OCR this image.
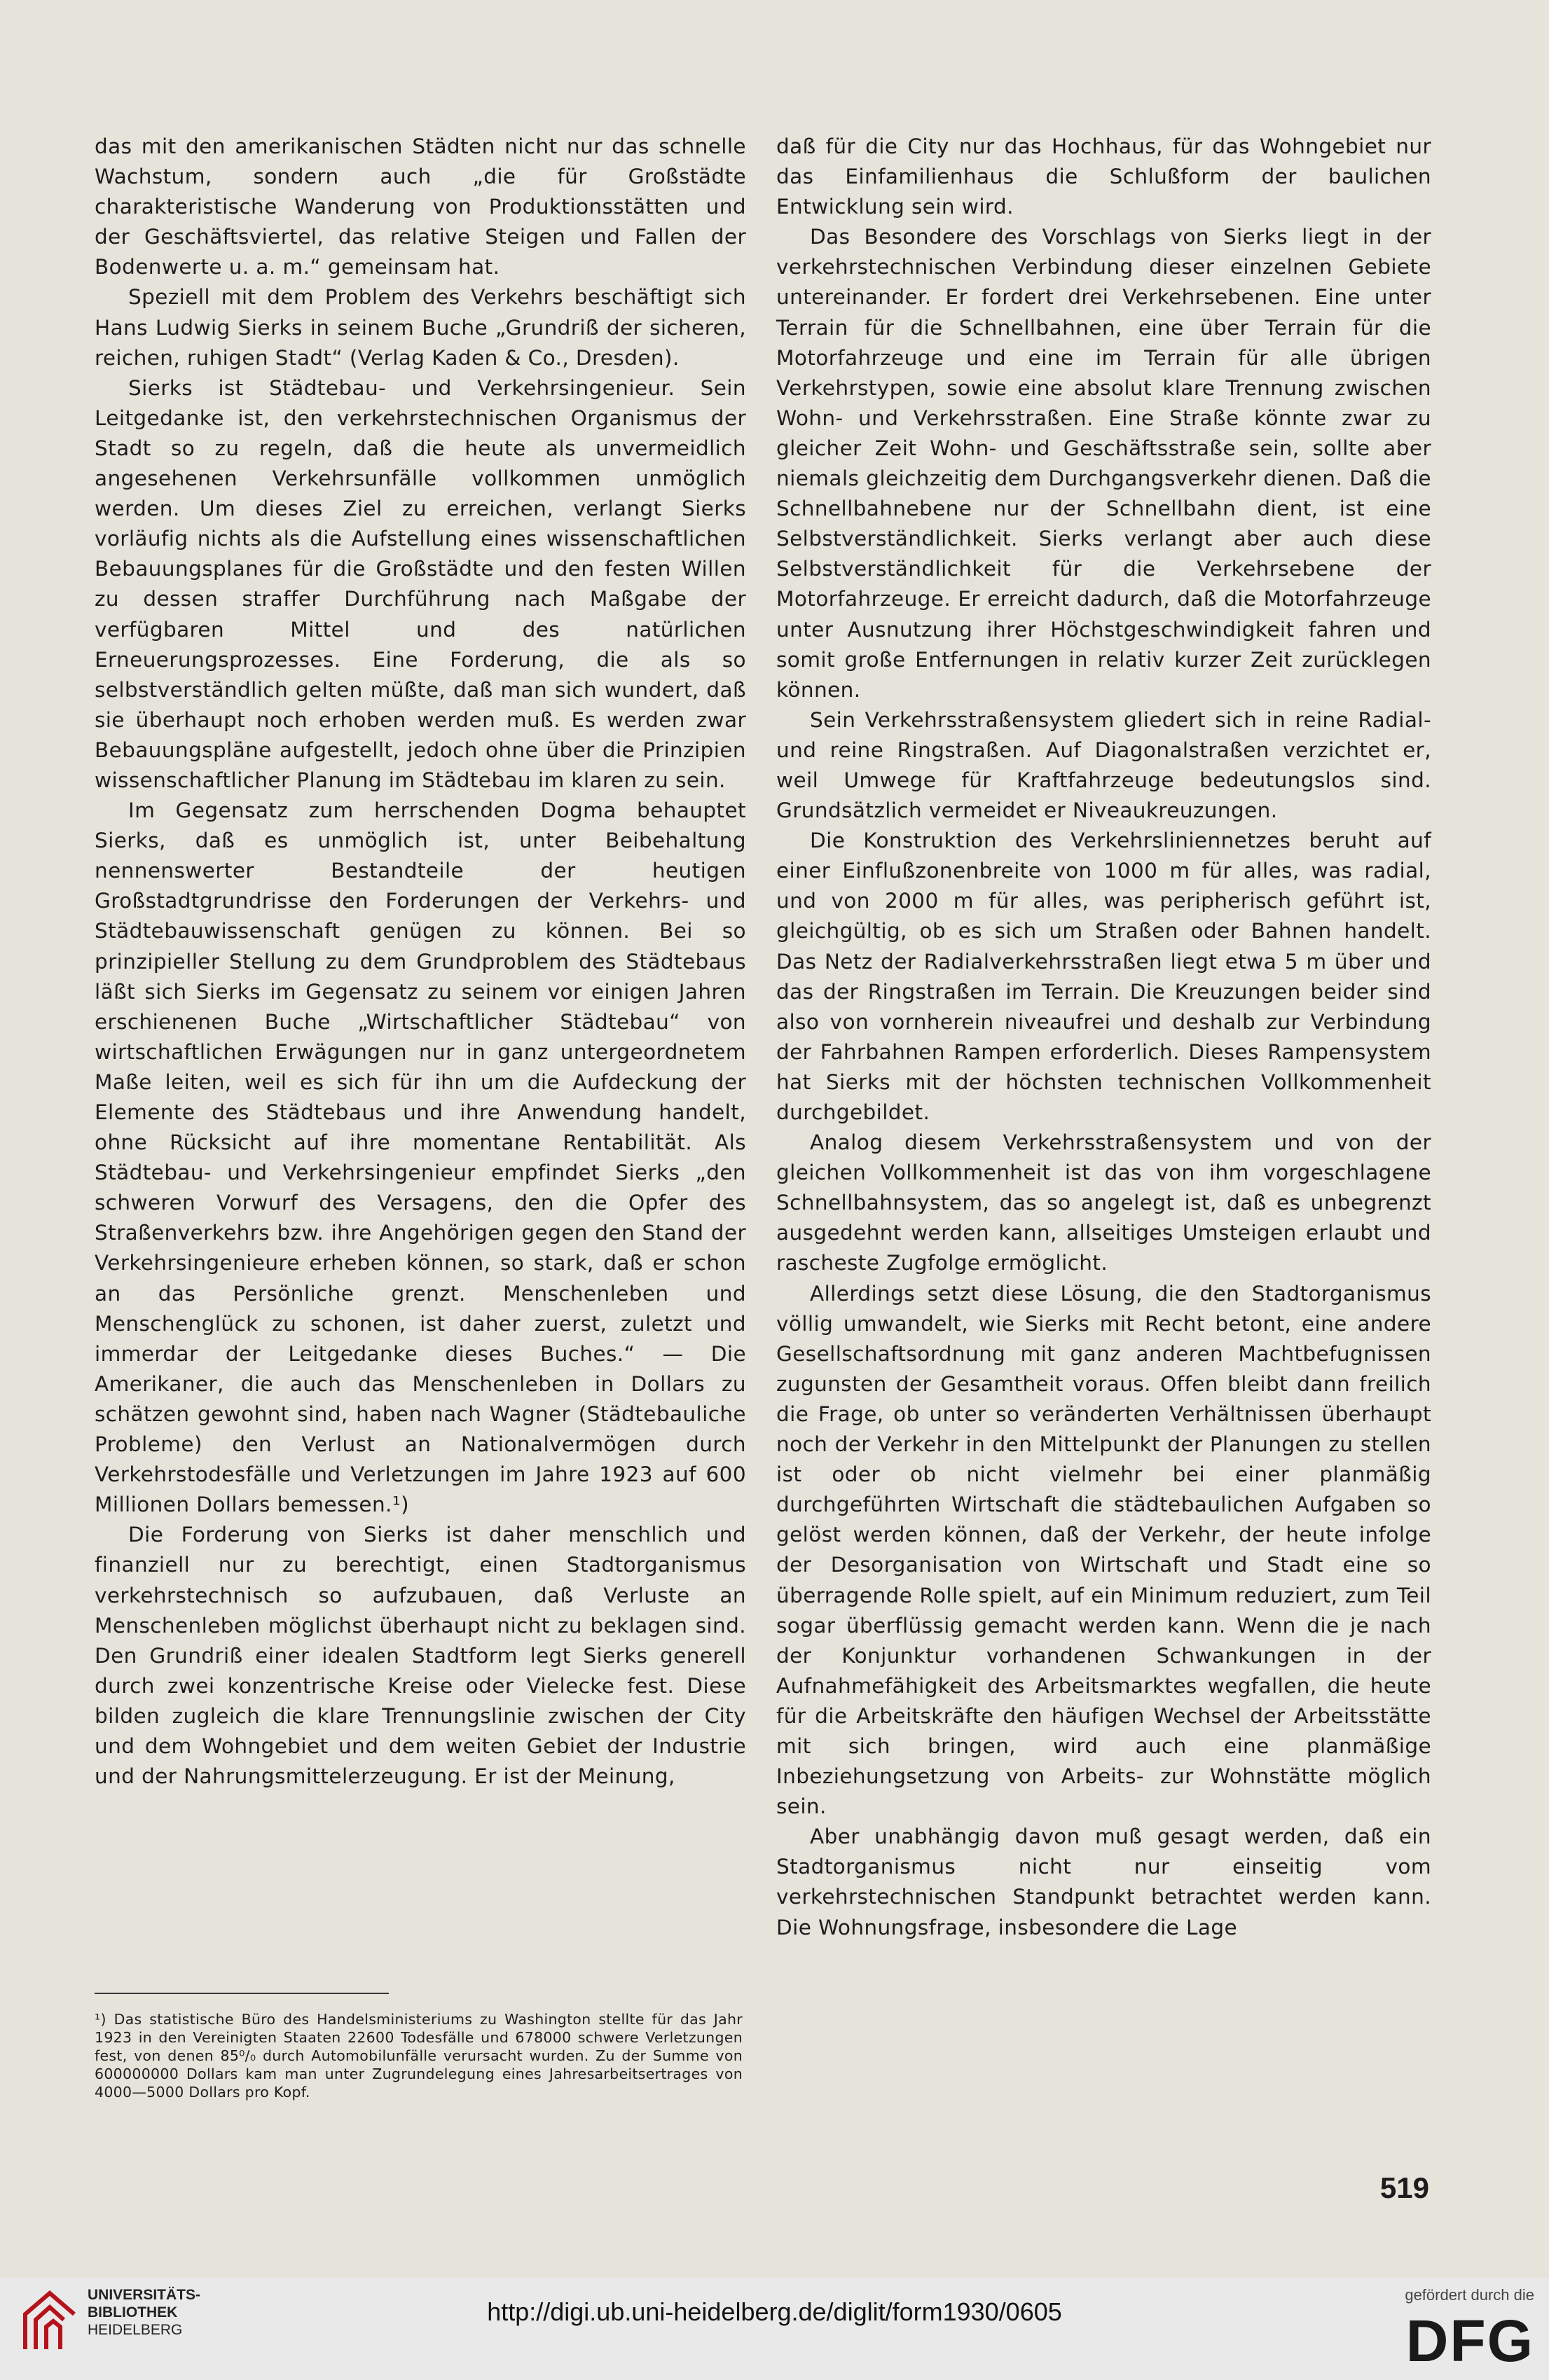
das mit den amerikanischen Städten nicht nur das schnelle Wachstum, sondern auch „die für Großstädte charakteristische Wanderung von Produktionsstätten und der Geschäftsviertel, das relative Steigen und Fallen der Bodenwerte u. a. m.“ gemeinsam hat.

Speziell mit dem Problem des Verkehrs beschäftigt sich Hans Ludwig Sierks in seinem Buche „Grundriß der sicheren, reichen, ruhigen Stadt“ (Verlag Kaden & Co., Dresden).

Sierks ist Städtebau- und Verkehrsingenieur. Sein Leitgedanke ist, den verkehrstechnischen Organismus der Stadt so zu regeln, daß die heute als unvermeidlich angesehenen Verkehrsunfälle vollkommen unmöglich werden. Um dieses Ziel zu erreichen, verlangt Sierks vorläufig nichts als die Aufstellung eines wissenschaftlichen Bebauungsplanes für die Großstädte und den festen Willen zu dessen straffer Durchführung nach Maßgabe der verfügbaren Mittel und des natürlichen Erneuerungsprozesses. Eine Forderung, die als so selbstverständlich gelten müßte, daß man sich wundert, daß sie überhaupt noch erhoben werden muß. Es werden zwar Bebauungspläne aufgestellt, jedoch ohne über die Prinzipien wissenschaftlicher Planung im Städtebau im klaren zu sein.

Im Gegensatz zum herrschenden Dogma behauptet Sierks, daß es unmöglich ist, unter Beibehaltung nennenswerter Bestandteile der heutigen Großstadtgrundrisse den Forderungen der Verkehrs- und Städtebauwissenschaft genügen zu können. Bei so prinzipieller Stellung zu dem Grundproblem des Städtebaus läßt sich Sierks im Gegensatz zu seinem vor einigen Jahren erschienenen Buche „Wirtschaftlicher Städtebau“ von wirtschaftlichen Erwägungen nur in ganz untergeordnetem Maße leiten, weil es sich für ihn um die Aufdeckung der Elemente des Städtebaus und ihre Anwendung handelt, ohne Rücksicht auf ihre momentane Rentabilität. Als Städtebau- und Verkehrsingenieur empfindet Sierks „den schweren Vorwurf des Versagens, den die Opfer des Straßenverkehrs bzw. ihre Angehörigen gegen den Stand der Verkehrsingenieure erheben können, so stark, daß er schon an das Persönliche grenzt. Menschenleben und Menschenglück zu schonen, ist daher zuerst, zuletzt und immerdar der Leitgedanke dieses Buches.“ — Die Amerikaner, die auch das Menschenleben in Dollars zu schätzen gewohnt sind, haben nach Wagner (Städtebauliche Probleme) den Verlust an Nationalvermögen durch Verkehrstodesfälle und Verletzungen im Jahre 1923 auf 600 Millionen Dollars bemessen.¹)

Die Forderung von Sierks ist daher menschlich und finanziell nur zu berechtigt, einen Stadtorganismus verkehrstechnisch so aufzubauen, daß Verluste an Menschenleben möglichst überhaupt nicht zu beklagen sind. Den Grundriß einer idealen Stadtform legt Sierks generell durch zwei konzentrische Kreise oder Vielecke fest. Diese bilden zugleich die klare Trennungslinie zwischen der City und dem Wohngebiet und dem weiten Gebiet der Industrie und der Nahrungsmittelerzeugung. Er ist der Meinung,

daß für die City nur das Hochhaus, für das Wohngebiet nur das Einfamilienhaus die Schlußform der baulichen Entwicklung sein wird.

Das Besondere des Vorschlags von Sierks liegt in der verkehrstechnischen Verbindung dieser einzelnen Gebiete untereinander. Er fordert drei Verkehrsebenen. Eine unter Terrain für die Schnellbahnen, eine über Terrain für die Motorfahrzeuge und eine im Terrain für alle übrigen Verkehrstypen, sowie eine absolut klare Trennung zwischen Wohn- und Verkehrsstraßen. Eine Straße könnte zwar zu gleicher Zeit Wohn- und Geschäftsstraße sein, sollte aber niemals gleichzeitig dem Durchgangsverkehr dienen. Daß die Schnellbahnebene nur der Schnellbahn dient, ist eine Selbstverständlichkeit. Sierks verlangt aber auch diese Selbstverständlichkeit für die Verkehrsebene der Motorfahrzeuge. Er erreicht dadurch, daß die Motorfahrzeuge unter Ausnutzung ihrer Höchstgeschwindigkeit fahren und somit große Entfernungen in relativ kurzer Zeit zurücklegen können.

Sein Verkehrsstraßensystem gliedert sich in reine Radial- und reine Ringstraßen. Auf Diagonalstraßen verzichtet er, weil Umwege für Kraftfahrzeuge bedeutungslos sind. Grundsätzlich vermeidet er Niveaukreuzungen.

Die Konstruktion des Verkehrsliniennetzes beruht auf einer Einflußzonenbreite von 1000 m für alles, was radial, und von 2000 m für alles, was peripherisch geführt ist, gleichgültig, ob es sich um Straßen oder Bahnen handelt. Das Netz der Radialverkehrsstraßen liegt etwa 5 m über und das der Ringstraßen im Terrain. Die Kreuzungen beider sind also von vornherein niveaufrei und deshalb zur Verbindung der Fahrbahnen Rampen erforderlich. Dieses Rampensystem hat Sierks mit der höchsten technischen Vollkommenheit durchgebildet.

Analog diesem Verkehrsstraßensystem und von der gleichen Vollkommenheit ist das von ihm vorgeschlagene Schnellbahnsystem, das so angelegt ist, daß es unbegrenzt ausgedehnt werden kann, allseitiges Umsteigen erlaubt und rascheste Zugfolge ermöglicht.

Allerdings setzt diese Lösung, die den Stadtorganismus völlig umwandelt, wie Sierks mit Recht betont, eine andere Gesellschaftsordnung mit ganz anderen Machtbefugnissen zugunsten der Gesamtheit voraus. Offen bleibt dann freilich die Frage, ob unter so veränderten Verhältnissen überhaupt noch der Verkehr in den Mittelpunkt der Planungen zu stellen ist oder ob nicht vielmehr bei einer planmäßig durchgeführten Wirtschaft die städtebaulichen Aufgaben so gelöst werden können, daß der Verkehr, der heute infolge der Desorganisation von Wirtschaft und Stadt eine so überragende Rolle spielt, auf ein Minimum reduziert, zum Teil sogar überflüssig gemacht werden kann. Wenn die je nach der Konjunktur vorhandenen Schwankungen in der Aufnahmefähigkeit des Arbeitsmarktes wegfallen, die heute für die Arbeitskräfte den häufigen Wechsel der Arbeitsstätte mit sich bringen, wird auch eine planmäßige Inbeziehungsetzung von Arbeits- zur Wohnstätte möglich sein.

Aber unabhängig davon muß gesagt werden, daß ein Stadtorganismus nicht nur einseitig vom verkehrstechnischen Standpunkt betrachtet werden kann. Die Wohnungsfrage, insbesondere die Lage

¹) Das statistische Büro des Handelsministeriums zu Washington stellte für das Jahr 1923 in den Vereinigten Staaten 22600 Todesfälle und 678000 schwere Verletzungen fest, von denen 85⁰/₀ durch Automobilunfälle verursacht wurden. Zu der Summe von 600000000 Dollars kam man unter Zugrundelegung eines Jahresarbeitsertrages von 4000—5000 Dollars pro Kopf.
519
UNIVERSITÄTS-
BIBLIOTHEK
HEIDELBERG
http://digi.ub.uni-heidelberg.de/diglit/form1930/0605
gefördert durch die
DFG
